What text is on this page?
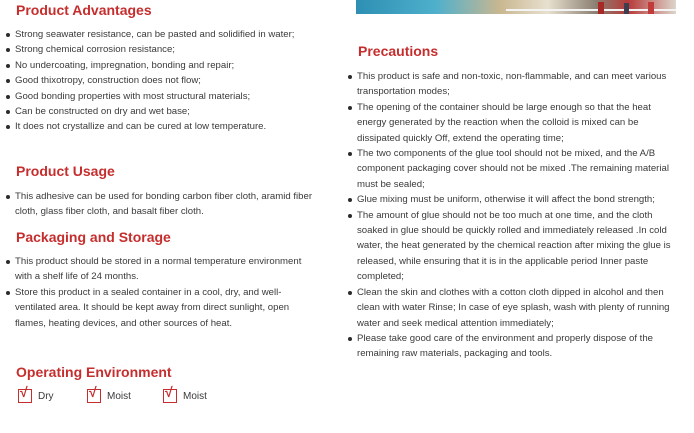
Product Advantages
Strong seawater resistance, can be pasted and solidified in water;
Strong chemical corrosion resistance;
No undercoating, impregnation, bonding and repair;
Good thixotropy, construction does not flow;
Good bonding properties with most structural materials;
Can be constructed on dry and wet base;
It does not crystallize and can be cured at low temperature.
Product Usage
This adhesive can be used for bonding carbon fiber cloth, aramid fiber cloth, glass fiber cloth, and basalt fiber cloth.
Packaging and Storage
This product should be stored in a normal temperature environment with a shelf life of 24 months.
Store this product in a sealed container in a cool, dry, and well-ventilated area. It should be kept away from direct sunlight, open flames, heating devices, and other sources of heat.
Operating Environment
√ Dry	√ Moist √ Moist
Precautions
This product is safe and non-toxic, non-flammable, and can meet various transportation modes;
The opening of the container should be large enough so that the heat energy generated by the reaction when the colloid is mixed can be dissipated quickly Off, extend the operating time;
The two components of the glue tool should not be mixed, and the A/B component packaging cover should not be mixed .The remaining material must be sealed;
Glue mixing must be uniform, otherwise it will affect the bond strength;
The amount of glue should not be too much at one time, and the cloth soaked in glue should be quickly rolled and immediately released .In cold water, the heat generated by the chemical reaction after mixing the glue is released, while ensuring that it is in the applicable period Inner paste completed;
Clean the skin and clothes with a cotton cloth dipped in alcohol and then clean with water Rinse; In case of eye splash, wash with plenty of running water and seek medical attention immediately;
Please take good care of the environment and properly dispose of the remaining raw materials, packaging and tools.
